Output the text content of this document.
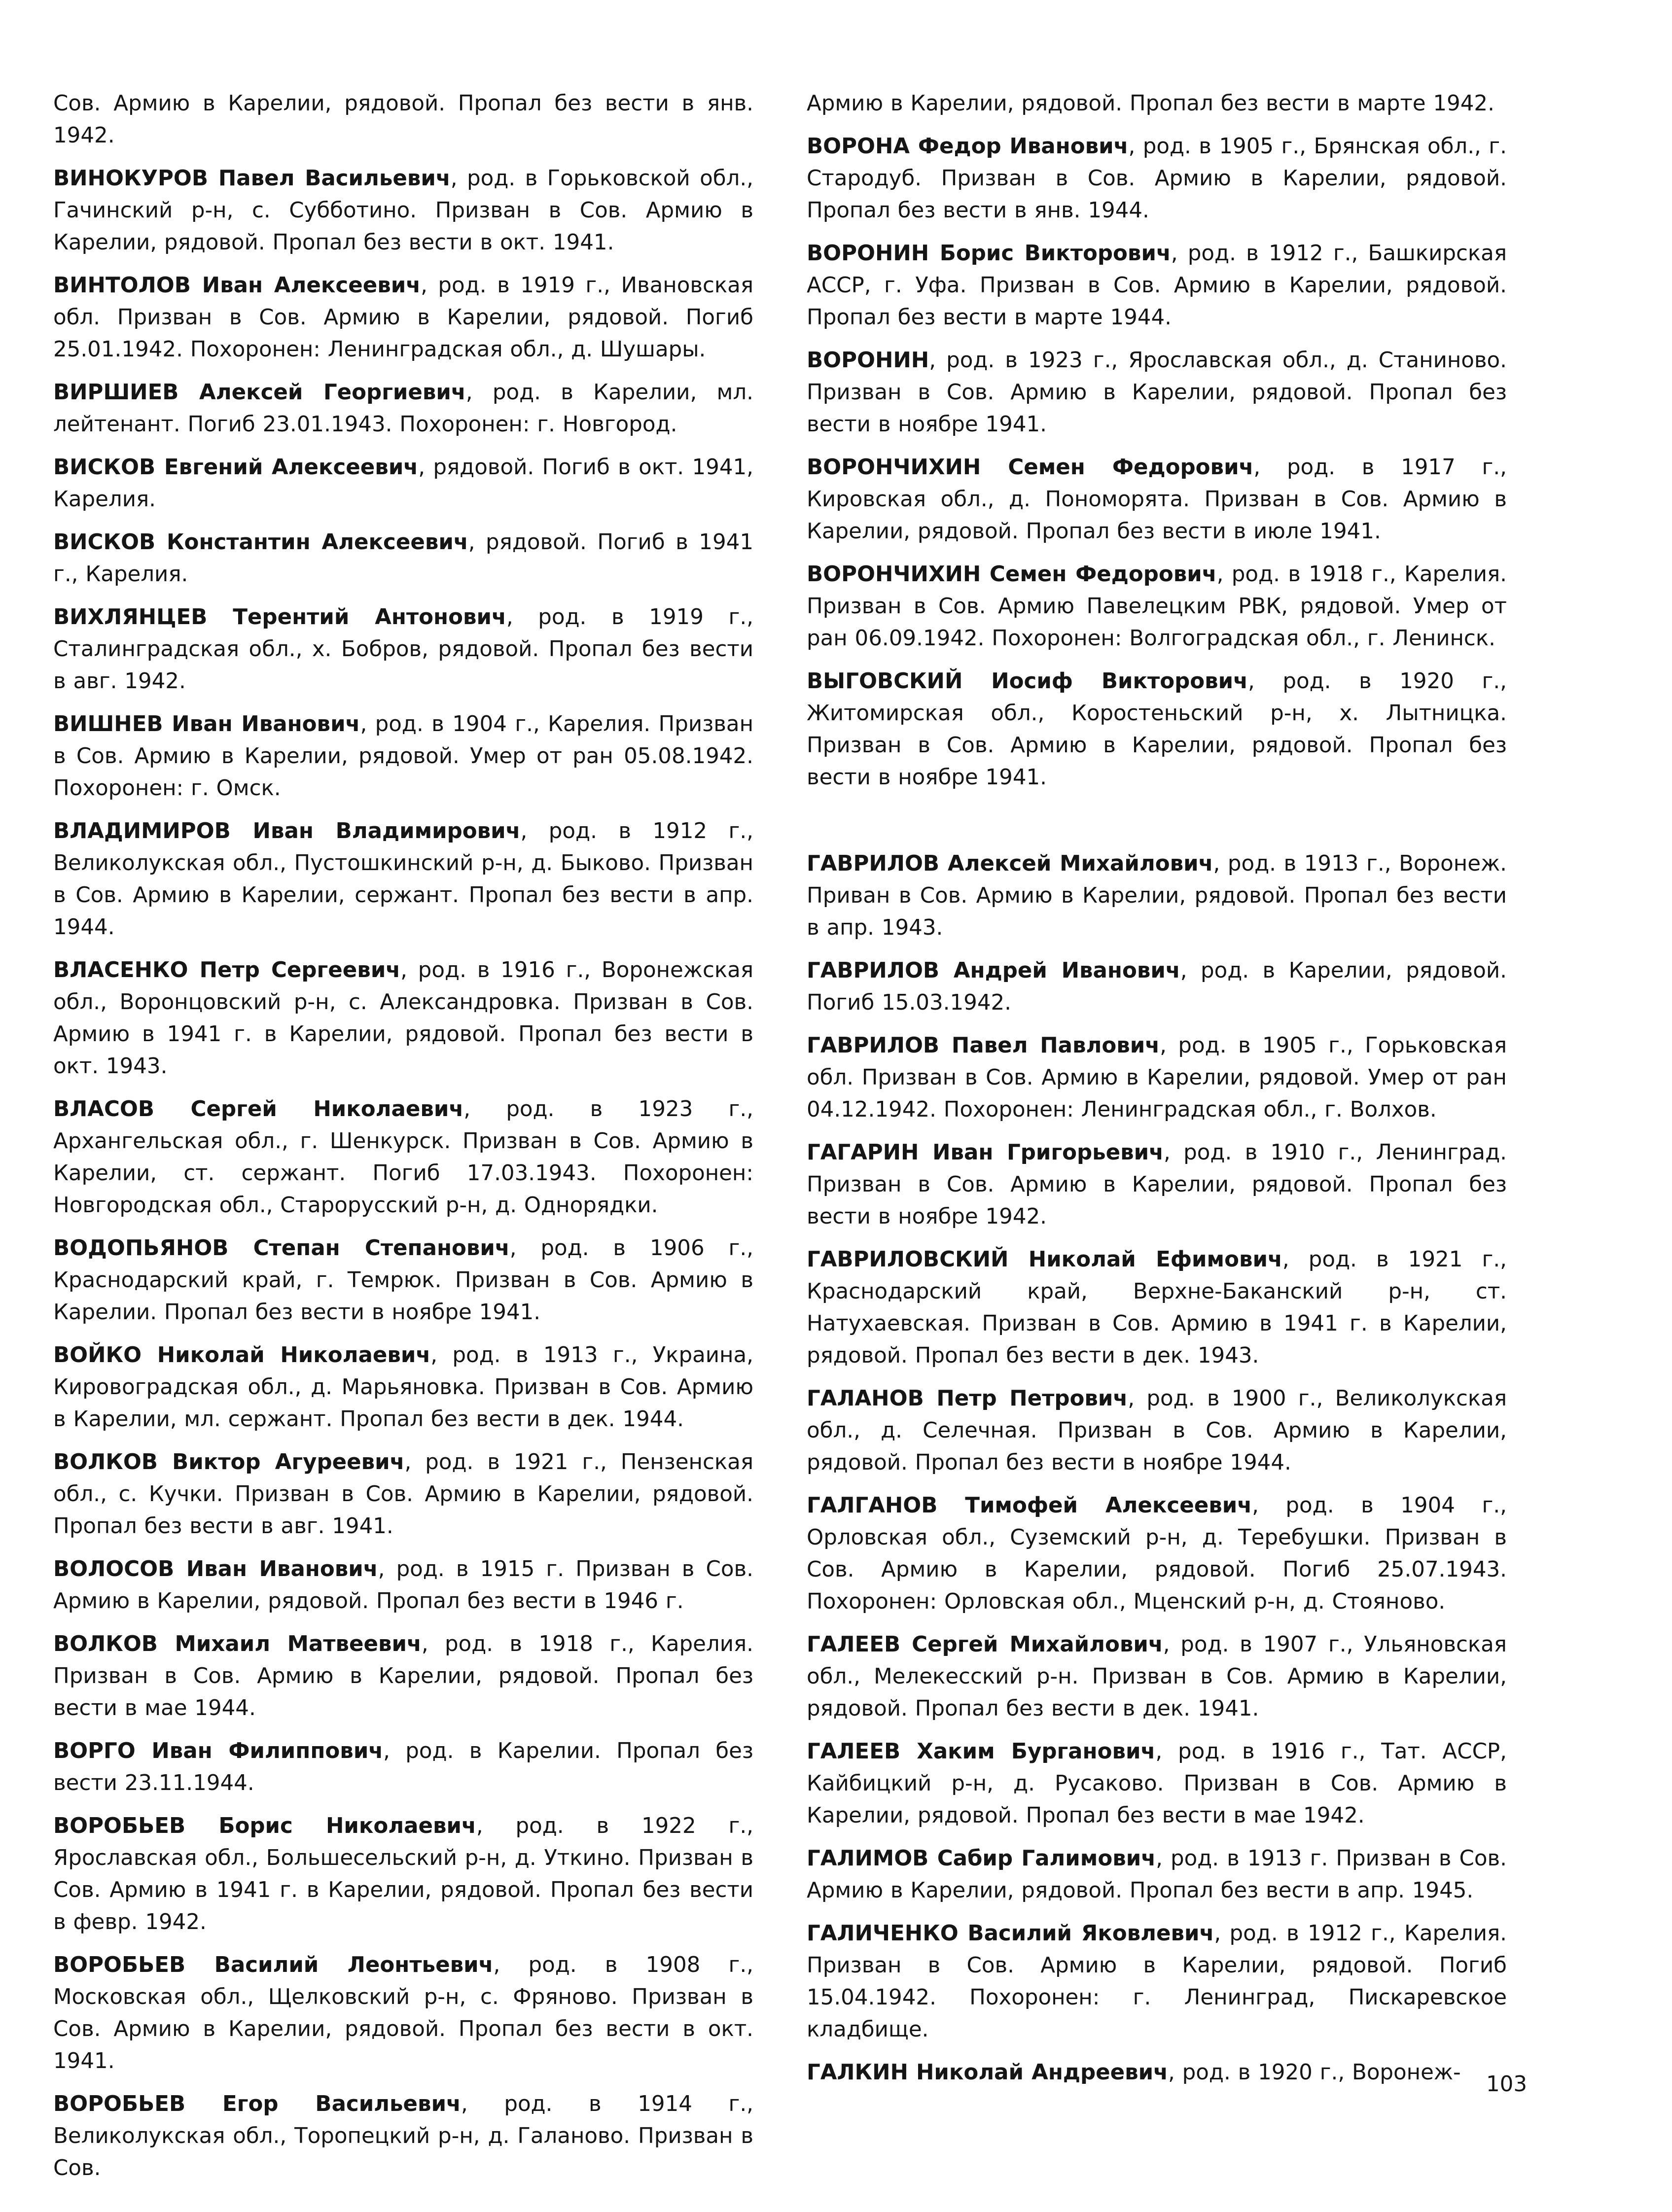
Сов. Армию в Карелии, рядовой. Пропал без вести в янв. 1942.

ВИНОКУРОВ Павел Васильевич, род. в Горьковской обл., Гачинский р-н, с. Субботино. Призван в Сов. Армию в Карелии, рядовой. Пропал без вести в окт. 1941.

ВИНТОЛОВ Иван Алексеевич, род. в 1919 г., Ивановская обл. Призван в Сов. Армию в Карелии, рядовой. Погиб 25.01.1942. Похоронен: Ленинградская обл., д. Шушары.

ВИРШИЕВ Алексей Георгиевич, род. в Карелии, мл. лейтенант. Погиб 23.01.1943. Похоронен: г. Новгород.

ВИСКОВ Евгений Алексеевич, рядовой. Погиб в окт. 1941, Карелия.

ВИСКОВ Константин Алексеевич, рядовой. Погиб в 1941 г., Карелия.

ВИХЛЯНЦЕВ Терентий Антонович, род. в 1919 г., Сталинградская обл., х. Бобров, рядовой. Пропал без вести в авг. 1942.

ВИШНЕВ Иван Иванович, род. в 1904 г., Карелия. Призван в Сов. Армию в Карелии, рядовой. Умер от ран 05.08.1942. Похоронен: г. Омск.

ВЛАДИМИРОВ Иван Владимирович, род. в 1912 г., Великолукская обл., Пустошкинский р-н, д. Быково. Призван в Сов. Армию в Карелии, сержант. Пропал без вести в апр. 1944.

ВЛАСЕНКО Петр Сергеевич, род. в 1916 г., Воронежская обл., Воронцовский р-н, с. Александровка. Призван в Сов. Армию в 1941 г. в Карелии, рядовой. Пропал без вести в окт. 1943.

ВЛАСОВ Сергей Николаевич, род. в 1923 г., Архангельская обл., г. Шенкурск. Призван в Сов. Армию в Карелии, ст. сержант. Погиб 17.03.1943. Похоронен: Новгородская обл., Старорусский р-н, д. Однорядки.

ВОДОПЬЯНОВ Степан Степанович, род. в 1906 г., Краснодарский край, г. Темрюк. Призван в Сов. Армию в Карелии. Пропал без вести в ноябре 1941.

ВОЙКО Николай Николаевич, род. в 1913 г., Украина, Кировоградская обл., д. Марьяновка. Призван в Сов. Армию в Карелии, мл. сержант. Пропал без вести в дек. 1944.

ВОЛКОВ Виктор Агуреевич, род. в 1921 г., Пензенская обл., с. Кучки. Призван в Сов. Армию в Карелии, рядовой. Пропал без вести в авг. 1941.

ВОЛОСОВ Иван Иванович, род. в 1915 г. Призван в Сов. Армию в Карелии, рядовой. Пропал без вести в 1946 г.

ВОЛКОВ Михаил Матвеевич, род. в 1918 г., Карелия. Призван в Сов. Армию в Карелии, рядовой. Пропал без вести в мае 1944.

ВОРГО Иван Филиппович, род. в Карелии. Пропал без вести 23.11.1944.

ВОРОБЬЕВ Борис Николаевич, род. в 1922 г., Ярославская обл., Большесельский р-н, д. Уткино. Призван в Сов. Армию в 1941 г. в Карелии, рядовой. Пропал без вести в февр. 1942.

ВОРОБЬЕВ Василий Леонтьевич, род. в 1908 г., Московская обл., Щелковский р-н, с. Фряново. Призван в Сов. Армию в Карелии, рядовой. Пропал без вести в окт. 1941.

ВОРОБЬЕВ Егор Васильевич, род. в 1914 г., Великолукская обл., Торопецкий р-н, д. Галаново. Призван в Сов.

Армию в Карелии, рядовой. Пропал без вести в марте 1942.

ВОРОНА Федор Иванович, род. в 1905 г., Брянская обл., г. Стародуб. Призван в Сов. Армию в Карелии, рядовой. Пропал без вести в янв. 1944.

ВОРОНИН Борис Викторович, род. в 1912 г., Башкирская АССР, г. Уфа. Призван в Сов. Армию в Карелии, рядовой. Пропал без вести в марте 1944.

ВОРОНИН, род. в 1923 г., Ярославская обл., д. Станиново. Призван в Сов. Армию в Карелии, рядовой. Пропал без вести в ноябре 1941.

ВОРОНЧИХИН Семен Федорович, род. в 1917 г., Кировская обл., д. Пономорята. Призван в Сов. Армию в Карелии, рядовой. Пропал без вести в июле 1941.

ВОРОНЧИХИН Семен Федорович, род. в 1918 г., Карелия. Призван в Сов. Армию Павелецким РВК, рядовой. Умер от ран 06.09.1942. Похоронен: Волгоградская обл., г. Ленинск.

ВЫГОВСКИЙ Иосиф Викторович, род. в 1920 г., Житомирская обл., Коростеньский р-н, х. Лытницка. Призван в Сов. Армию в Карелии, рядовой. Пропал без вести в ноябре 1941.

ГАВРИЛОВ Алексей Михайлович, род. в 1913 г., Воронеж. Приван в Сов. Армию в Карелии, рядовой. Пропал без вести в апр. 1943.

ГАВРИЛОВ Андрей Иванович, род. в Карелии, рядовой. Погиб 15.03.1942.

ГАВРИЛОВ Павел Павлович, род. в 1905 г., Горьковская обл. Призван в Сов. Армию в Карелии, рядовой. Умер от ран 04.12.1942. Похоронен: Ленинградская обл., г. Волхов.

ГАГАРИН Иван Григорьевич, род. в 1910 г., Ленинград. Призван в Сов. Армию в Карелии, рядовой. Пропал без вести в ноябре 1942.

ГАВРИЛОВСКИЙ Николай Ефимович, род. в 1921 г., Краснодарский край, Верхне-Баканский р-н, ст. Натухаевская. Призван в Сов. Армию в 1941 г. в Карелии, рядовой. Пропал без вести в дек. 1943.

ГАЛАНОВ Петр Петрович, род. в 1900 г., Великолукская обл., д. Селечная. Призван в Сов. Армию в Карелии, рядовой. Пропал без вести в ноябре 1944.

ГАЛГАНОВ Тимофей Алексеевич, род. в 1904 г., Орловская обл., Суземский р-н, д. Теребушки. Призван в Сов. Армию в Карелии, рядовой. Погиб 25.07.1943. Похоронен: Орловская обл., Мценский р-н, д. Стояново.

ГАЛЕЕВ Сергей Михайлович, род. в 1907 г., Ульяновская обл., Мелекесский р-н. Призван в Сов. Армию в Карелии, рядовой. Пропал без вести в дек. 1941.

ГАЛЕЕВ Хаким Бурганович, род. в 1916 г., Тат. АССР, Кайбицкий р-н, д. Русаково. Призван в Сов. Армию в Карелии, рядовой. Пропал без вести в мае 1942.

ГАЛИМОВ Сабир Галимович, род. в 1913 г. Призван в Сов. Армию в Карелии, рядовой. Пропал без вести в апр. 1945.

ГАЛИЧЕНКО Василий Яковлевич, род. в 1912 г., Карелия. Призван в Сов. Армию в Карелии, рядовой. Погиб 15.04.1942. Похоронен: г. Ленинград, Пискаревское кладбище.

ГАЛКИН Николай Андреевич, род. в 1920 г., Воронеж-	103
